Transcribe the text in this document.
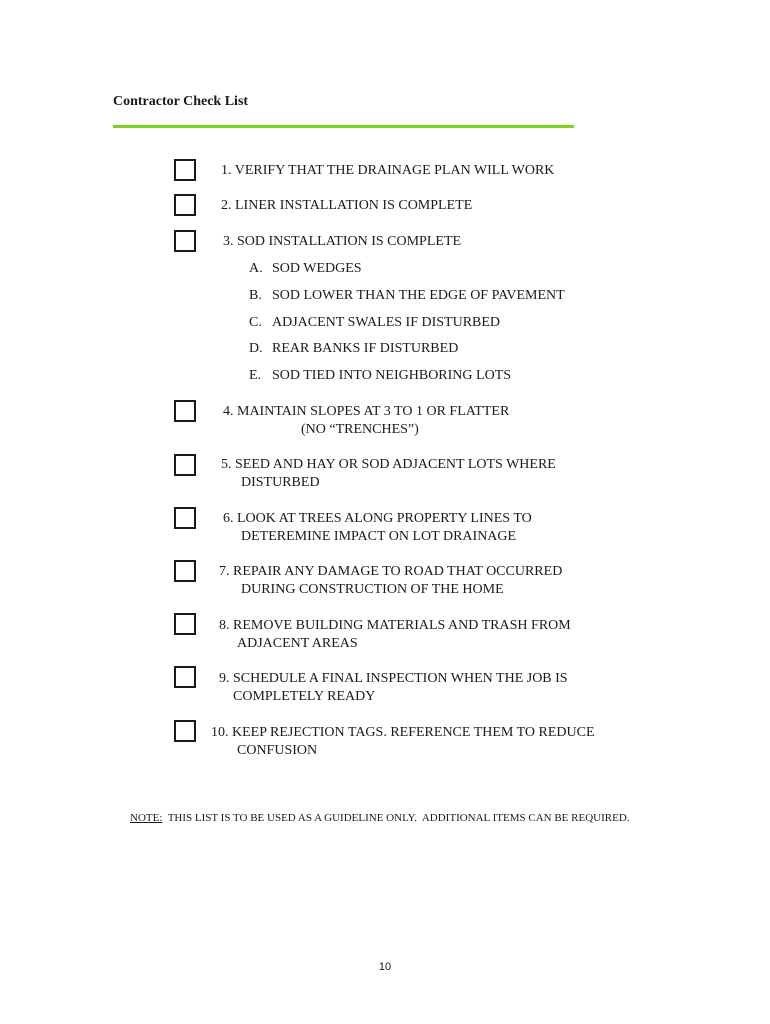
Contractor Check List
1. VERIFY THAT THE DRAINAGE PLAN WILL WORK
2. LINER INSTALLATION IS COMPLETE
3. SOD INSTALLATION IS COMPLETE
A. SOD WEDGES
B. SOD LOWER THAN THE EDGE OF PAVEMENT
C. ADJACENT SWALES IF DISTURBED
D. REAR BANKS IF DISTURBED
E. SOD TIED INTO NEIGHBORING LOTS
4. MAINTAIN SLOPES AT 3 TO 1 OR FLATTER
(NO “TRENCHES”)
5. SEED AND HAY OR SOD ADJACENT LOTS WHERE
DISTURBED
6. LOOK AT TREES ALONG PROPERTY LINES TO
DETEREMINE IMPACT ON LOT DRAINAGE
7. REPAIR ANY DAMAGE TO ROAD THAT OCCURRED
DURING CONSTRUCTION OF THE HOME
8. REMOVE BUILDING MATERIALS AND TRASH FROM
ADJACENT AREAS
9. SCHEDULE A FINAL INSPECTION WHEN THE JOB IS
COMPLETELY READY
10. KEEP REJECTION TAGS. REFERENCE THEM TO REDUCE
CONFUSION
NOTE:  THIS LIST IS TO BE USED AS A GUIDELINE ONLY.  ADDITIONAL ITEMS CAN BE REQUIRED.
10
